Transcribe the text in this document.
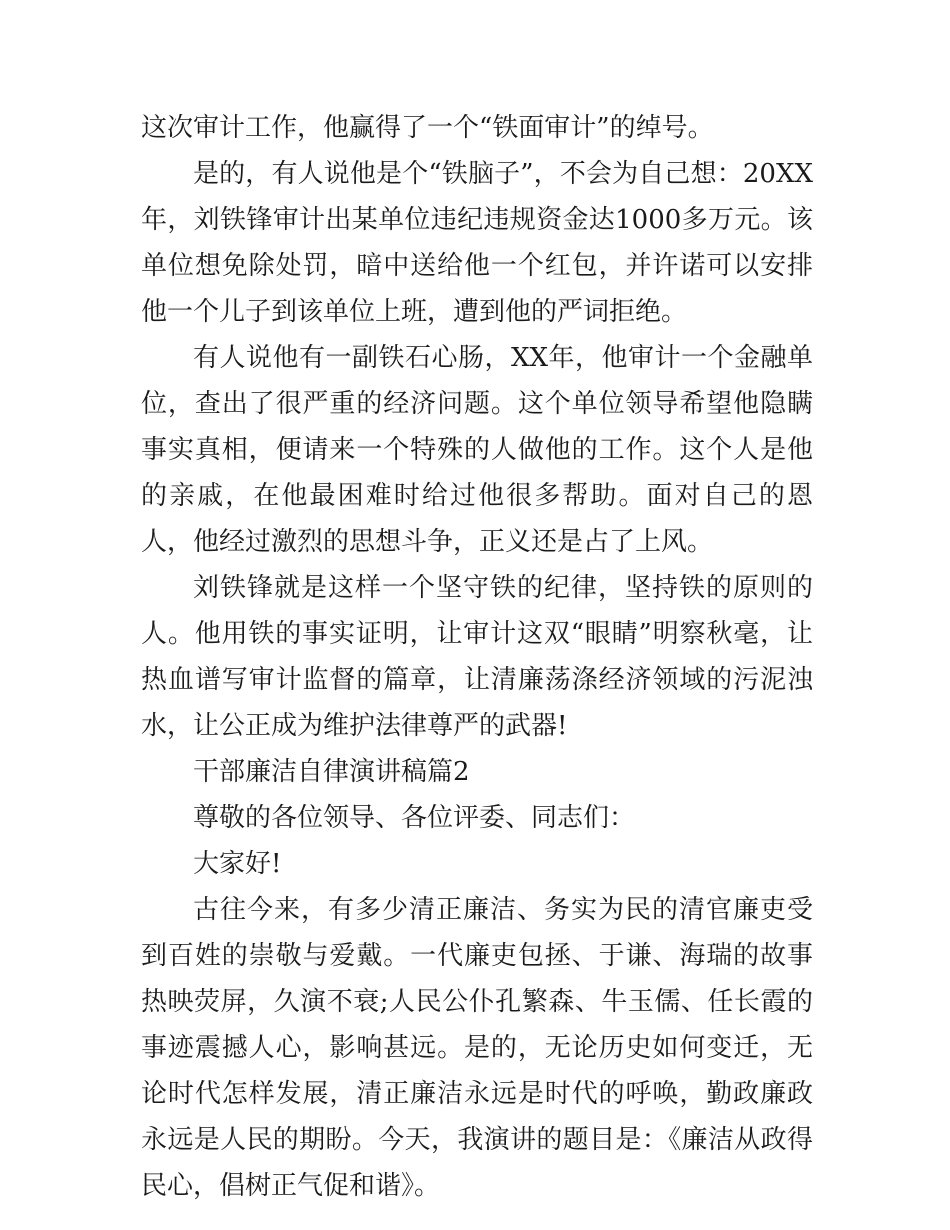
这次审计工作，他赢得了一个“铁面审计”的绰号。

是的，有人说他是个“铁脑子”，不会为自己想：20XX年，刘铁锋审计出某单位违纪违规资金达1000多万元。该单位想免除处罚，暗中送给他一个红包，并许诺可以安排他一个儿子到该单位上班，遭到他的严词拒绝。

有人说他有一副铁石心肠，XX年，他审计一个金融单位，查出了很严重的经济问题。这个单位领导希望他隐瞒事实真相，便请来一个特殊的人做他的工作。这个人是他的亲戚，在他最困难时给过他很多帮助。面对自己的恩人，他经过激烈的思想斗争，正义还是占了上风。

刘铁锋就是这样一个坚守铁的纪律，坚持铁的原则的人。他用铁的事实证明，让审计这双“眼睛”明察秋毫，让热血谱写审计监督的篇章，让清廉荡涤经济领域的污泥浊水，让公正成为维护法律尊严的武器!

干部廉洁自律演讲稿篇2

尊敬的各位领导、各位评委、同志们：

大家好!

古往今来，有多少清正廉洁、务实为民的清官廉吏受到百姓的崇敬与爱戴。一代廉吏包拯、于谦、海瑞的故事热映荧屏，久演不衰;人民公仆孔繁森、牛玉儒、任长霞的事迹震撼人心，影响甚远。是的，无论历史如何变迁，无论时代怎样发展，清正廉洁永远是时代的呼唤，勤政廉政永远是人民的期盼。今天，我演讲的题目是：《廉洁从政得民心，倡树正气促和谐》。
